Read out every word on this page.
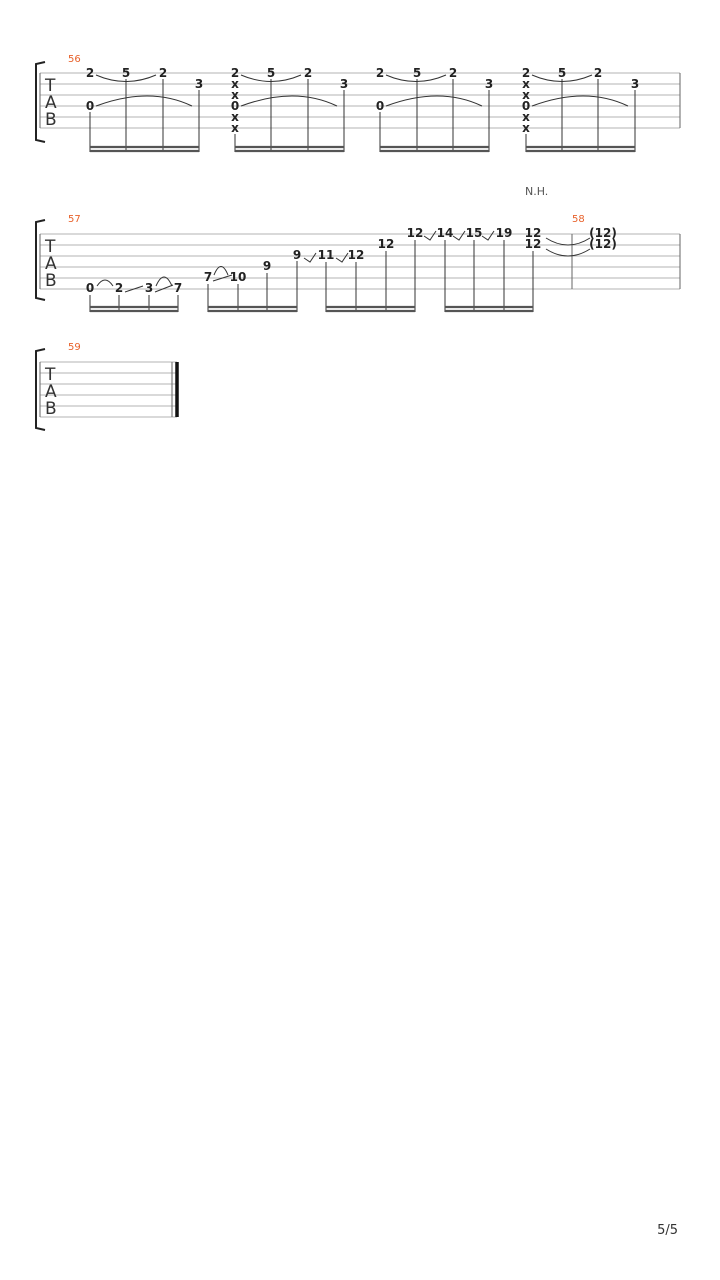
T
A
B
56
2
0
5 2
3
2
x
x
0
x
x
5 2
3
2
0
5 2
3
2
x
x
0
x
x
5 2
3
N.H.
T
A
B
57	58
0 2 3 7
7 10
9
9 11 12
12
12 14 15 19 12
12
(12)
(12)
T
A
B
59
5/5
